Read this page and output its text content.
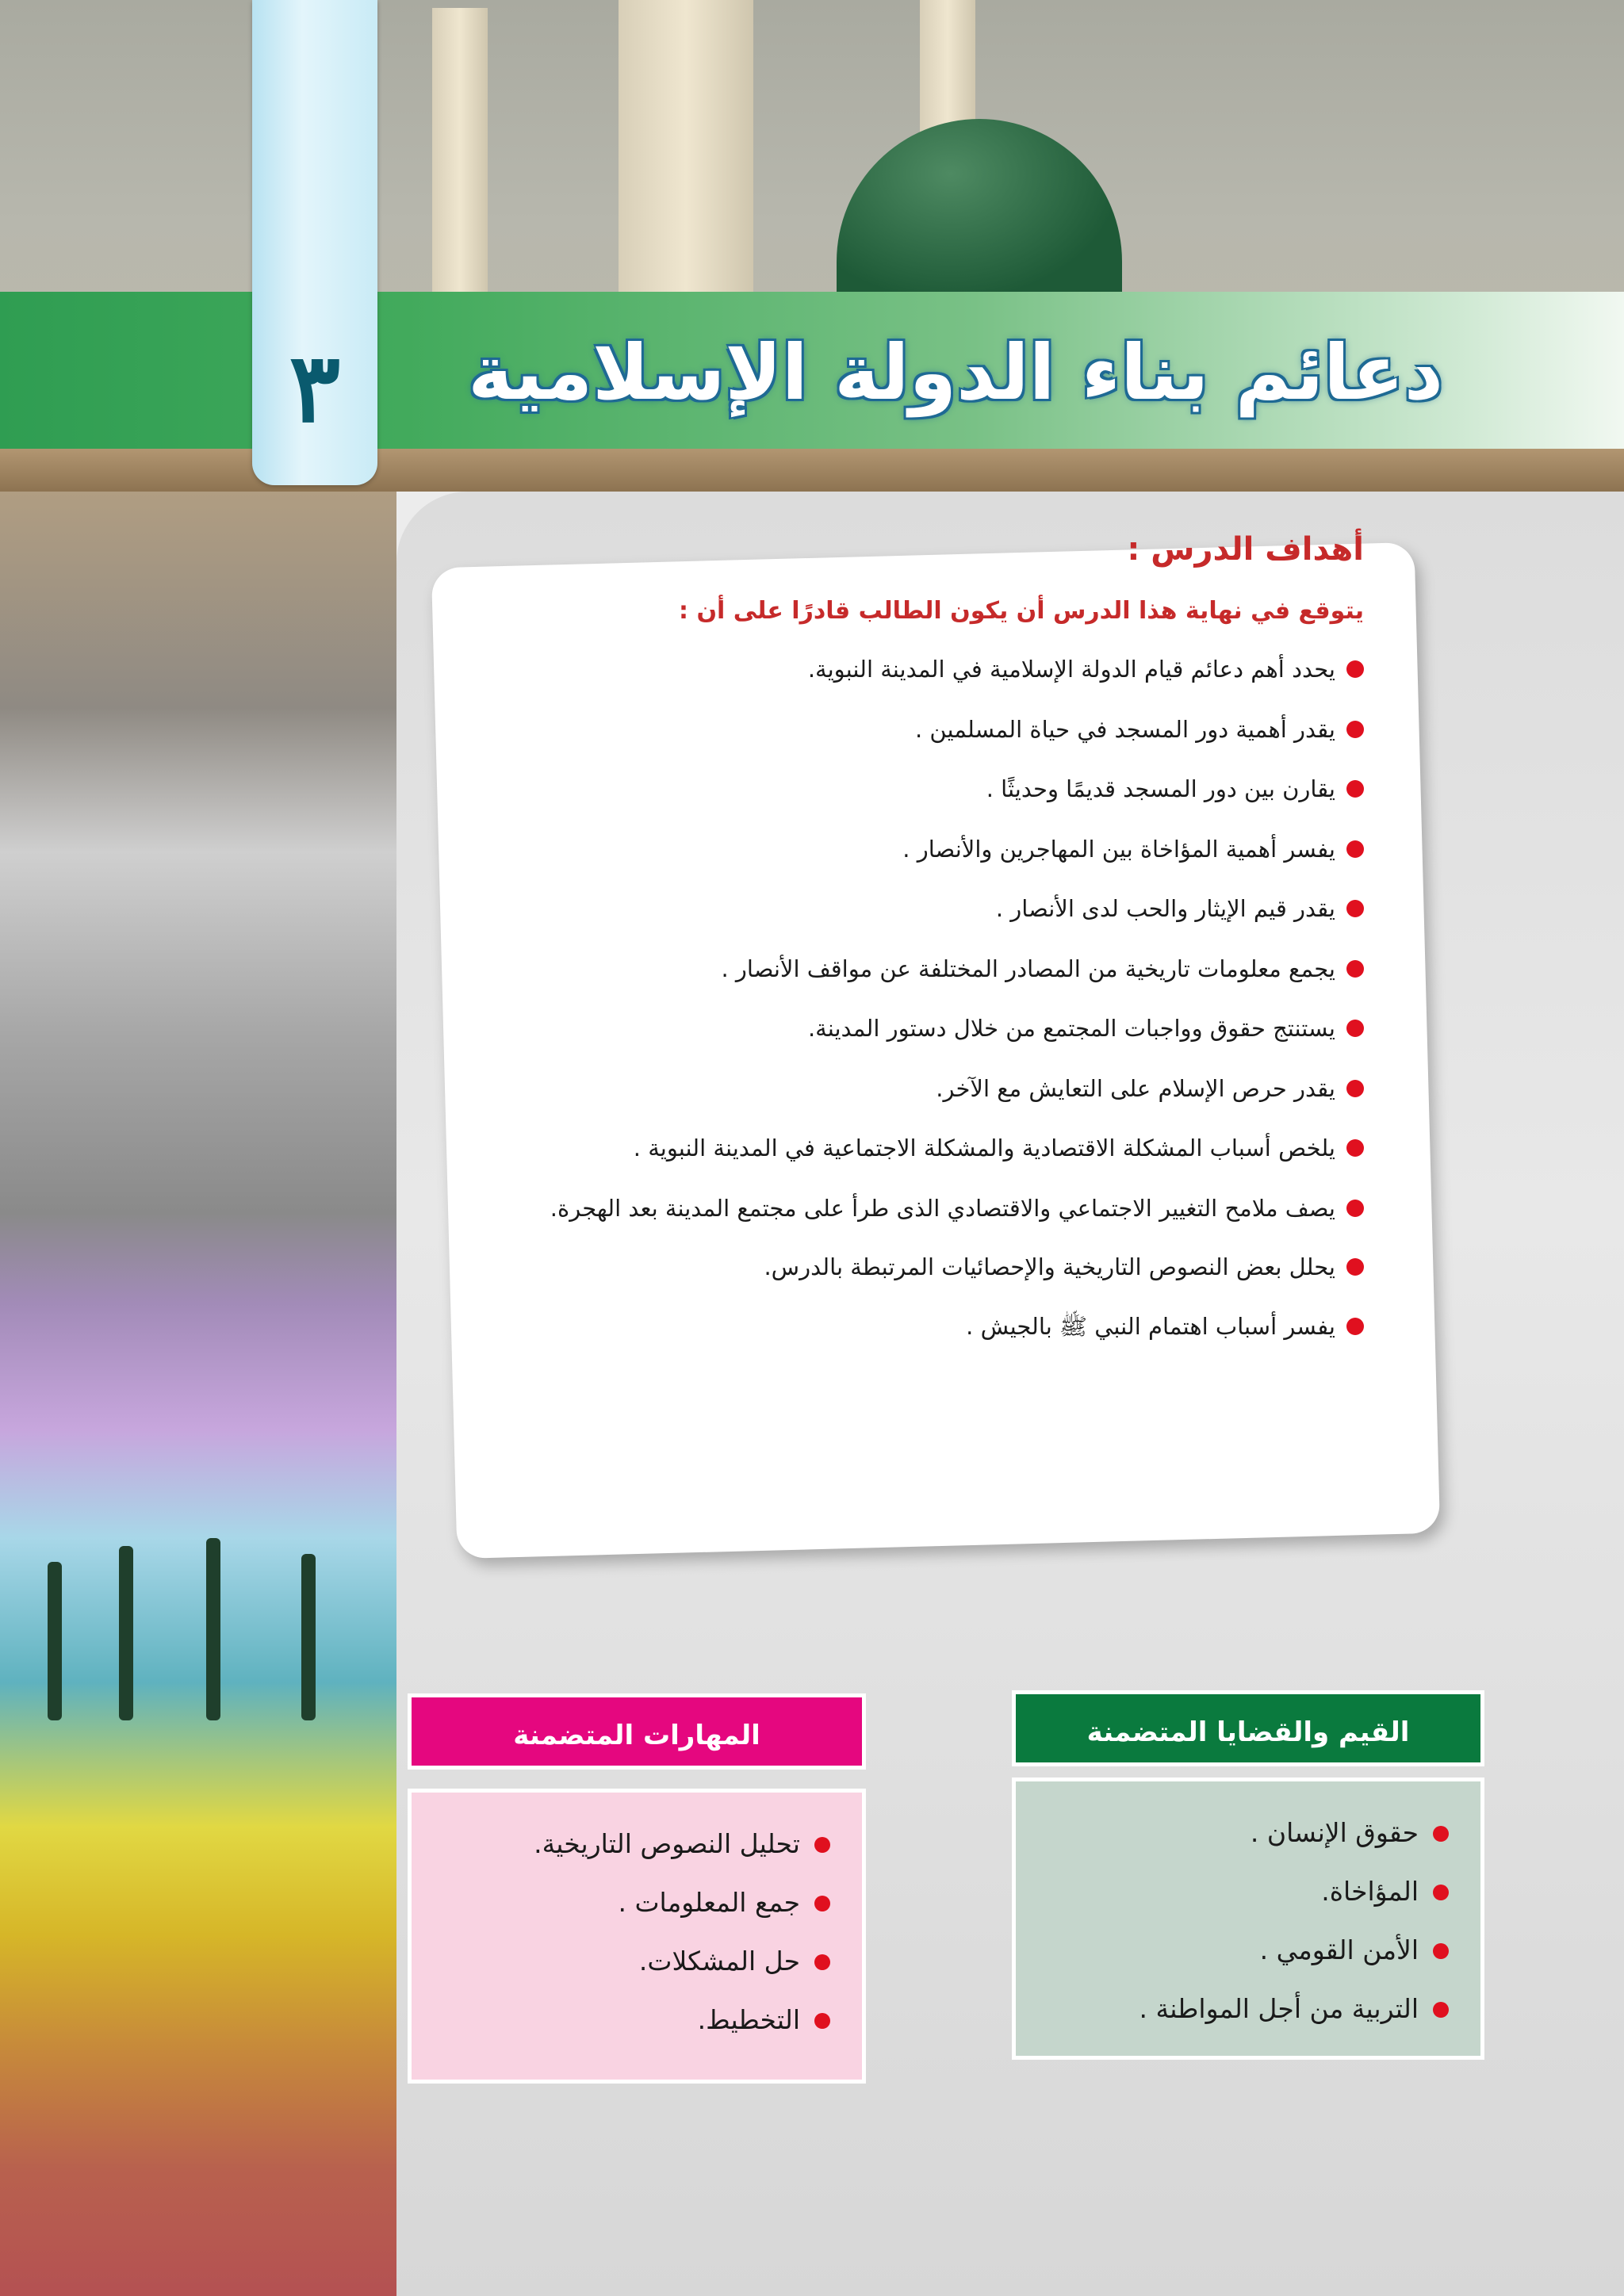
٣	دعائم بناء الدولة الإسلامية
أهداف الدرس :
يتوقع في نهاية هذا الدرس أن يكون الطالب قادرًا على أن :
يحدد أهم دعائم قيام الدولة الإسلامية في المدينة النبوية.
يقدر أهمية دور المسجد في حياة المسلمين .
يقارن بين دور المسجد قديمًا وحديثًا .
يفسر أهمية المؤاخاة بين المهاجرين والأنصار .
يقدر قيم الإيثار والحب لدى الأنصار .
يجمع معلومات تاريخية من المصادر المختلفة عن مواقف الأنصار .
يستنتج حقوق وواجبات المجتمع من خلال دستور المدينة.
يقدر حرص الإسلام على التعايش مع الآخر.
يلخص أسباب المشكلة الاقتصادية والمشكلة الاجتماعية في المدينة النبوية .
يصف ملامح التغيير الاجتماعي والاقتصادي الذى طرأ على مجتمع المدينة بعد الهجرة.
يحلل بعض النصوص التاريخية والإحصائيات المرتبطة بالدرس.
يفسر أسباب اهتمام النبي ﷺ بالجيش .
القيم والقضايا المتضمنة
حقوق الإنسان .
المؤاخاة.
الأمن القومي .
التربية من أجل المواطنة .
المهارات المتضمنة
تحليل النصوص التاريخية.
جمع المعلومات .
حل المشكلات.
التخطيط.
